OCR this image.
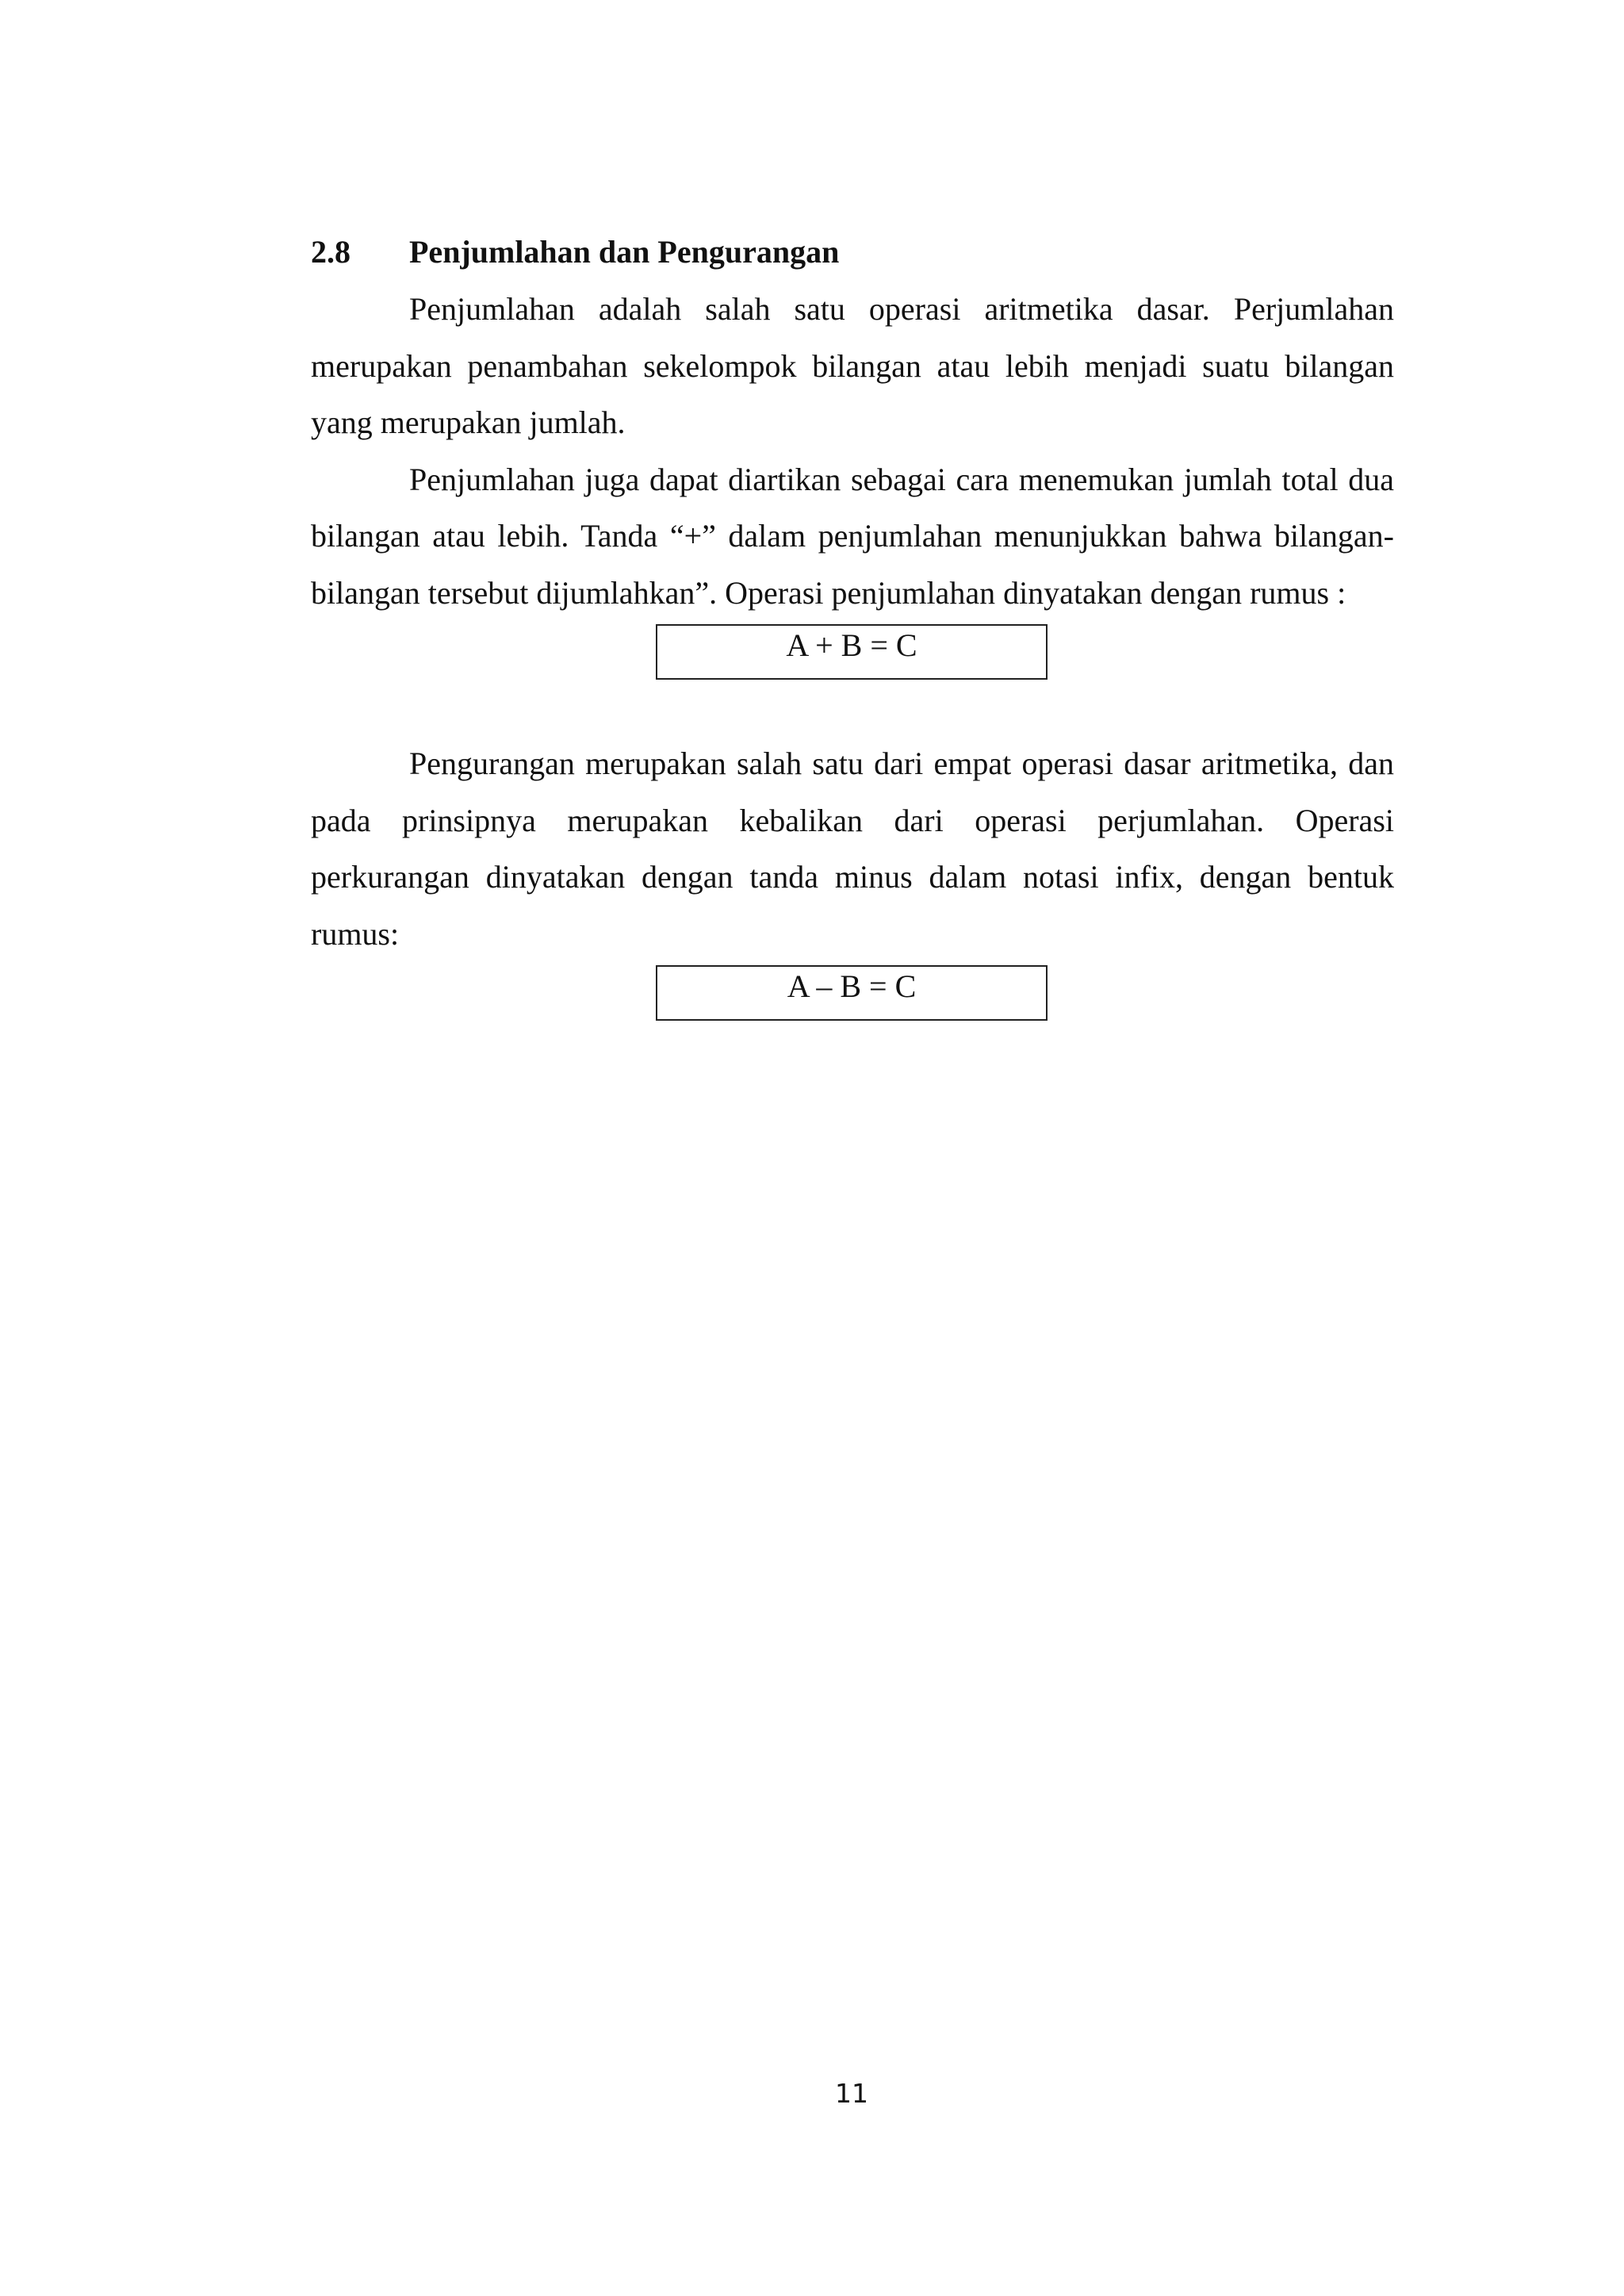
2.8	Penjumlahan dan Pengurangan

Penjumlahan adalah salah satu operasi aritmetika dasar. Perjumlahan merupakan penambahan sekelompok bilangan atau lebih menjadi suatu bilangan yang merupakan jumlah.

Penjumlahan juga dapat diartikan sebagai cara menemukan jumlah total dua bilangan atau lebih. Tanda “+” dalam penjumlahan menunjukkan bahwa bilangan-bilangan tersebut dijumlahkan”. Operasi penjumlahan dinyatakan dengan rumus :

A + B = C

Pengurangan merupakan salah satu dari empat operasi dasar aritmetika, dan pada prinsipnya merupakan kebalikan dari operasi perjumlahan. Operasi perkurangan dinyatakan dengan tanda minus dalam notasi infix, dengan bentuk rumus:

A – B = C
11
